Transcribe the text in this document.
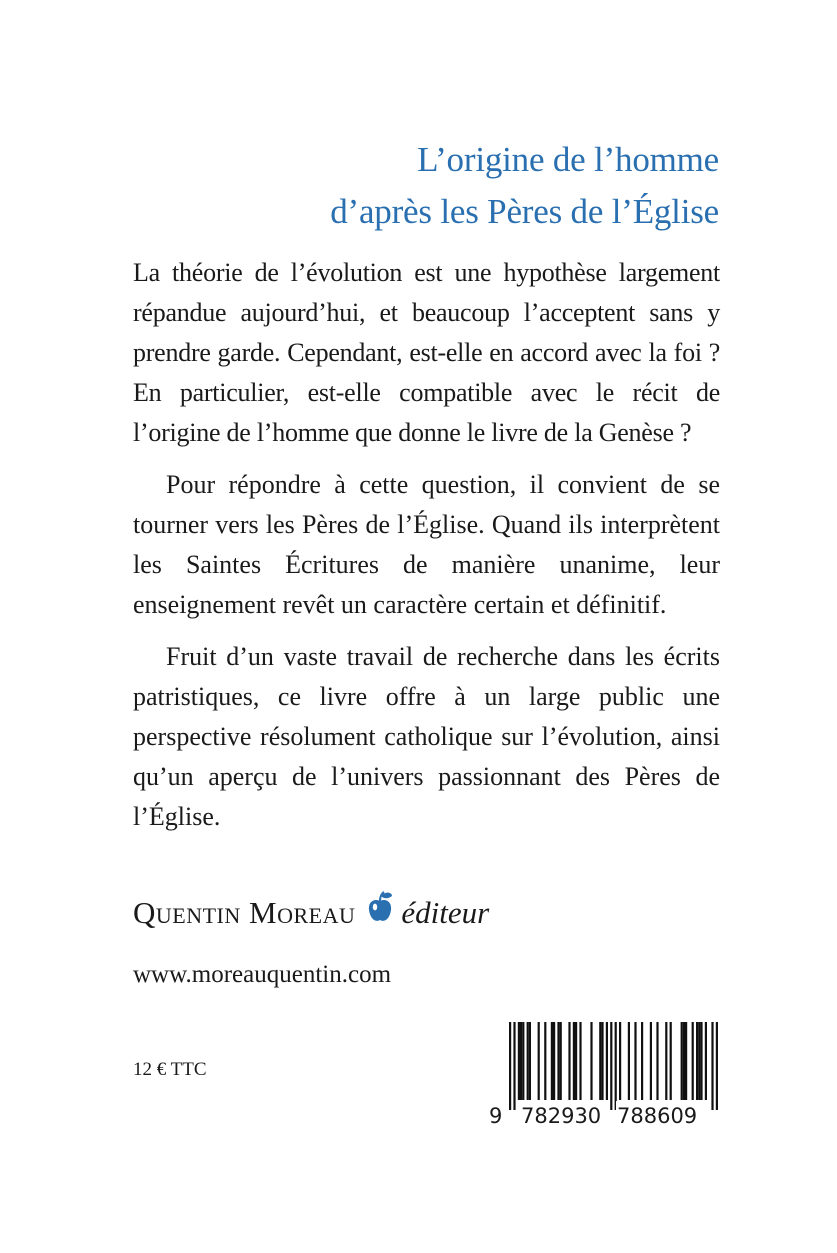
L’origine de l’homme
d’après les Pères de l’Église

La théorie de l’évolution est une hypothèse largement répandue aujourd’hui, et beaucoup l’acceptent sans y prendre garde. Cependant, est-elle en accord avec la foi ? En particulier, est-elle compatible avec le récit de l’origine de l’homme que donne le livre de la Genèse ?

Pour répondre à cette question, il convient de se tourner vers les Pères de l’Église. Quand ils interprètent les Saintes Écritures de manière unanime, leur enseignement revêt un caractère certain et définitif.

Fruit d’un vaste travail de recherche dans les écrits patristiques, ce livre offre à un large public une perspective résolument catholique sur l’évolution, ainsi qu’un aperçu de l’univers passionnant des Pères de l’Église.

Quentin Moreau éditeur
www.moreauquentin.com
12 € TTC
9 782930 788609
